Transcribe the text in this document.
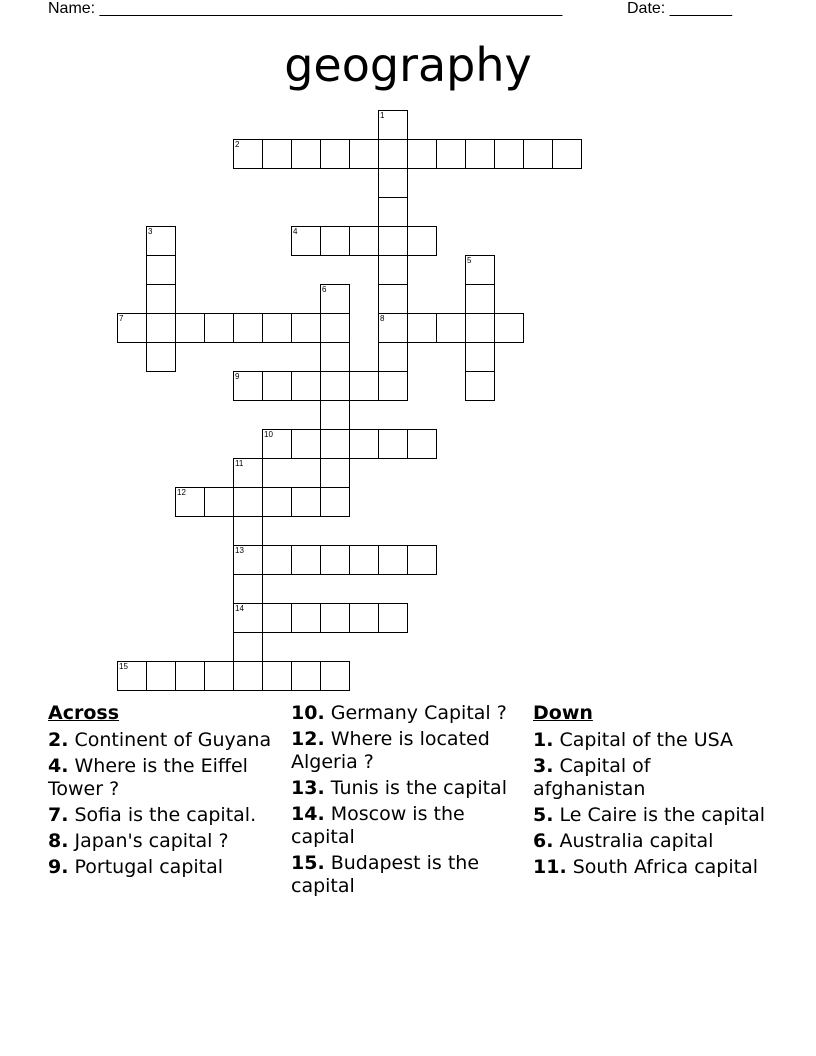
Name: ____________________________________________________	Date: _______
geography
1
8
2
3	4
5
6
7
9
10
11
13
14
12
15
Across
2. Continent of Guyana
4. Where is the Eiffel Tower ?
7. Sofia is the capital.
8. Japan's capital ?
9. Portugal capital
10. Germany Capital ?
12. Where is located Algeria ?
13. Tunis is the capital
14. Moscow is the capital
15. Budapest is the capital
Down
1. Capital of the USA
3. Capital of afghanistan
5. Le Caire is the capital
6. Australia capital
11. South Africa capital
